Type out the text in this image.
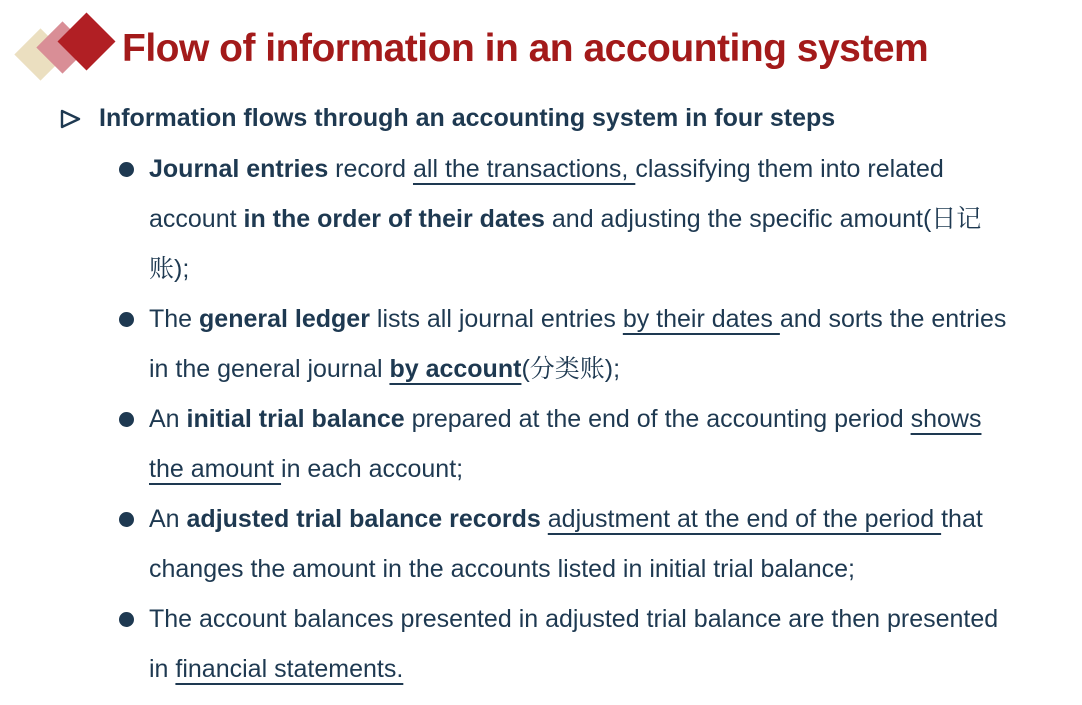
Flow of information in an accounting system
Information flows through an accounting system in four steps
Journal entries record all the transactions, classifying them into related account in the order of their dates and adjusting the specific amount(日记账);
The general ledger lists all journal entries by their dates and sorts the entries in the general journal by account(分类账);
An initial trial balance prepared at the end of the accounting period shows the amount in each account;
An adjusted trial balance records adjustment at the end of the period that changes the amount in the accounts listed in initial trial balance;
The account balances presented in adjusted trial balance are then presented in financial statements.
